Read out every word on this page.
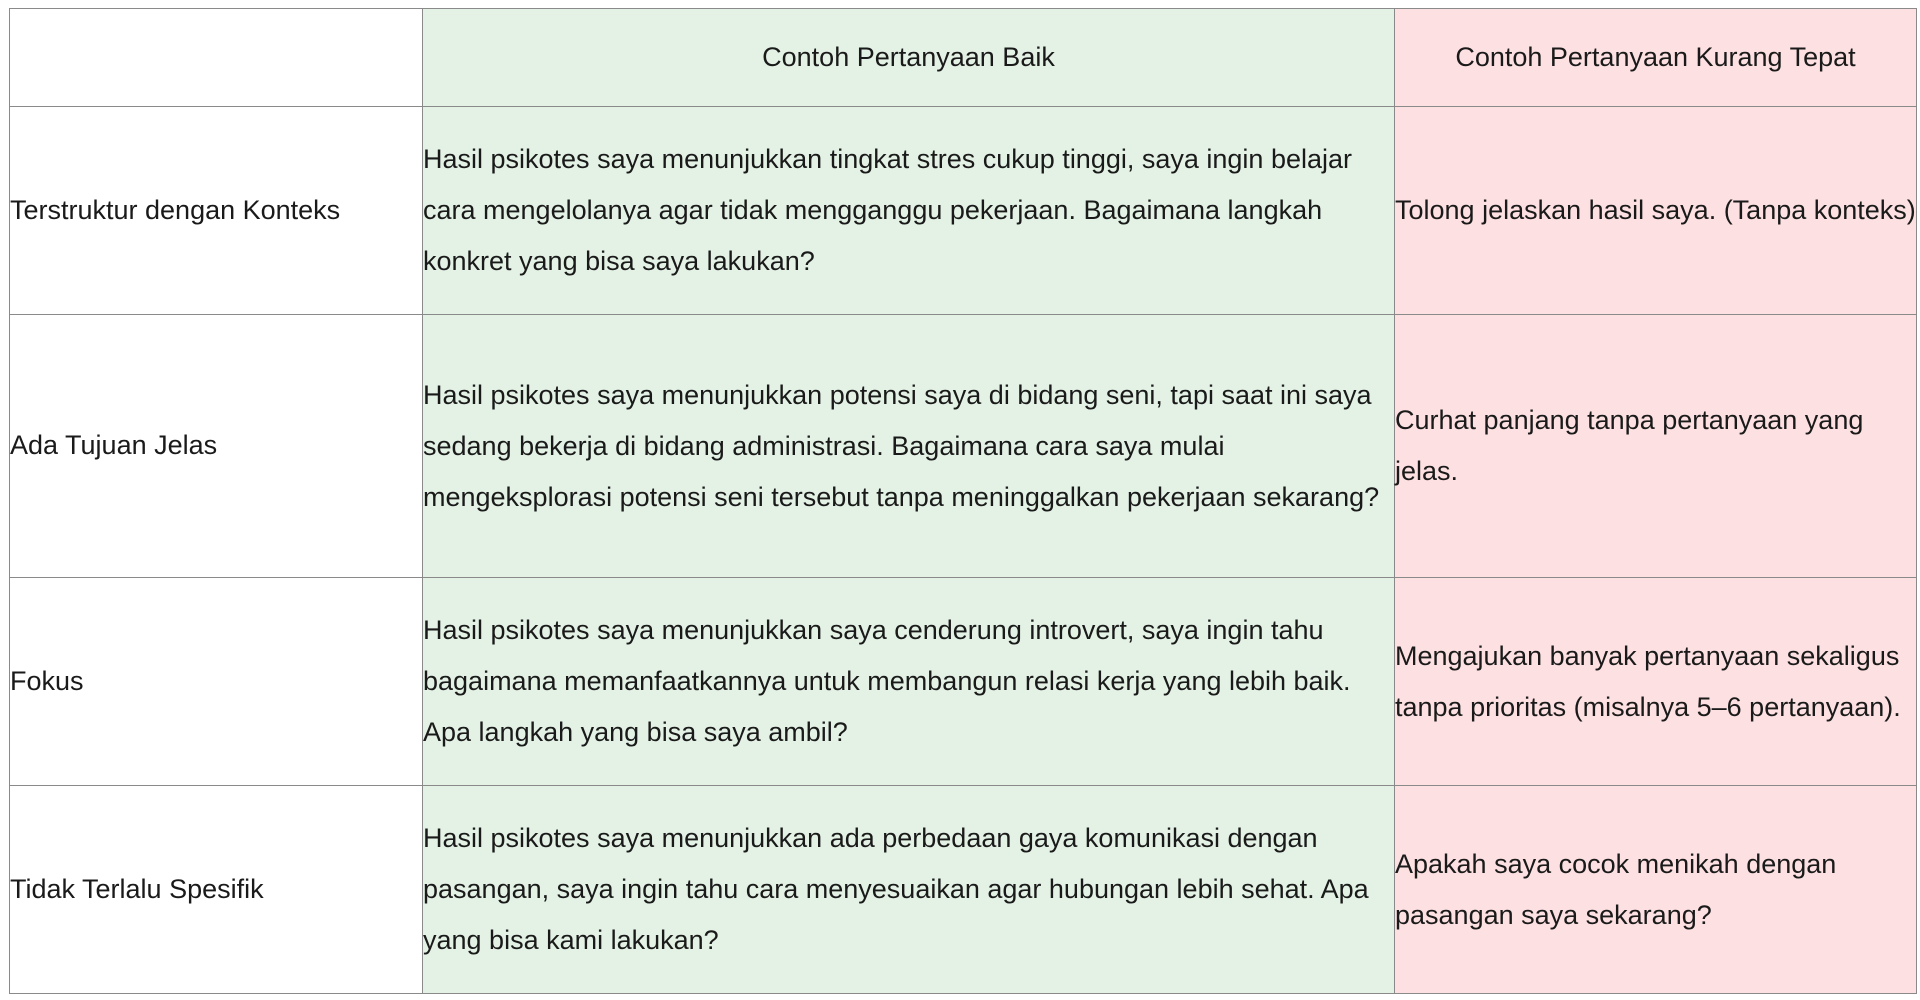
	Contoh Pertanyaan Baik	Contoh Pertanyaan Kurang Tepat
Terstruktur dengan Konteks	Hasil psikotes saya menunjukkan tingkat stres cukup tinggi, saya ingin belajar cara mengelolanya agar tidak mengganggu pekerjaan. Bagaimana langkah konkret yang bisa saya lakukan?	Tolong jelaskan hasil saya. (Tanpa konteks)

Ada Tujuan Jelas	Hasil psikotes saya menunjukkan potensi saya di bidang seni, tapi saat ini saya sedang bekerja di bidang administrasi. Bagaimana cara saya mulai mengeksplorasi potensi seni tersebut tanpa meninggalkan pekerjaan sekarang?	Curhat panjang tanpa pertanyaan yang jelas.

Fokus	Hasil psikotes saya menunjukkan saya cenderung introvert, saya ingin tahu bagaimana memanfaatkannya untuk membangun relasi kerja yang lebih baik. Apa langkah yang bisa saya ambil?	Mengajukan banyak pertanyaan sekaligus tanpa prioritas (misalnya 5–6 pertanyaan).

Tidak Terlalu Spesifik	Hasil psikotes saya menunjukkan ada perbedaan gaya komunikasi dengan pasangan, saya ingin tahu cara menyesuaikan agar hubungan lebih sehat. Apa yang bisa kami lakukan?	Apakah saya cocok menikah dengan pasangan saya sekarang?
